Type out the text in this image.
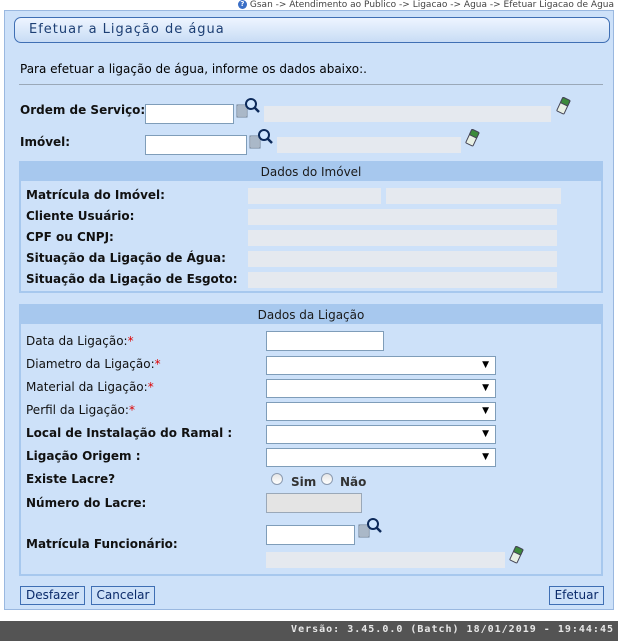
? Gsan -> Atendimento ao Publico -> Ligacao -> Agua -> Efetuar Ligacao de Agua
Efetuar a Ligação de água
Para efetuar a ligação de água, informe os dados abaixo:.
Ordem de Serviço:
Imóvel:
Dados do Imóvel
Matrícula do Imóvel:
Cliente Usuário:
CPF ou CNPJ:
Situação da Ligação de Água:
Situação da Ligação de Esgoto:
Dados da Ligação
Data da Ligação:*
Diametro da Ligação:*	▼
Material da Ligação:*	▼
Perfil da Ligação:*	▼
Local de Instalação do Ramal :	▼
Ligação Origem :	▼
Existe Lacre?	Sim Não
Número do Lacre:
Matrícula Funcionário:
Desfazer	Cancelar	Efetuar
Versão: 3.45.0.0 (Batch) 18/01/2019 - 19:44:45
